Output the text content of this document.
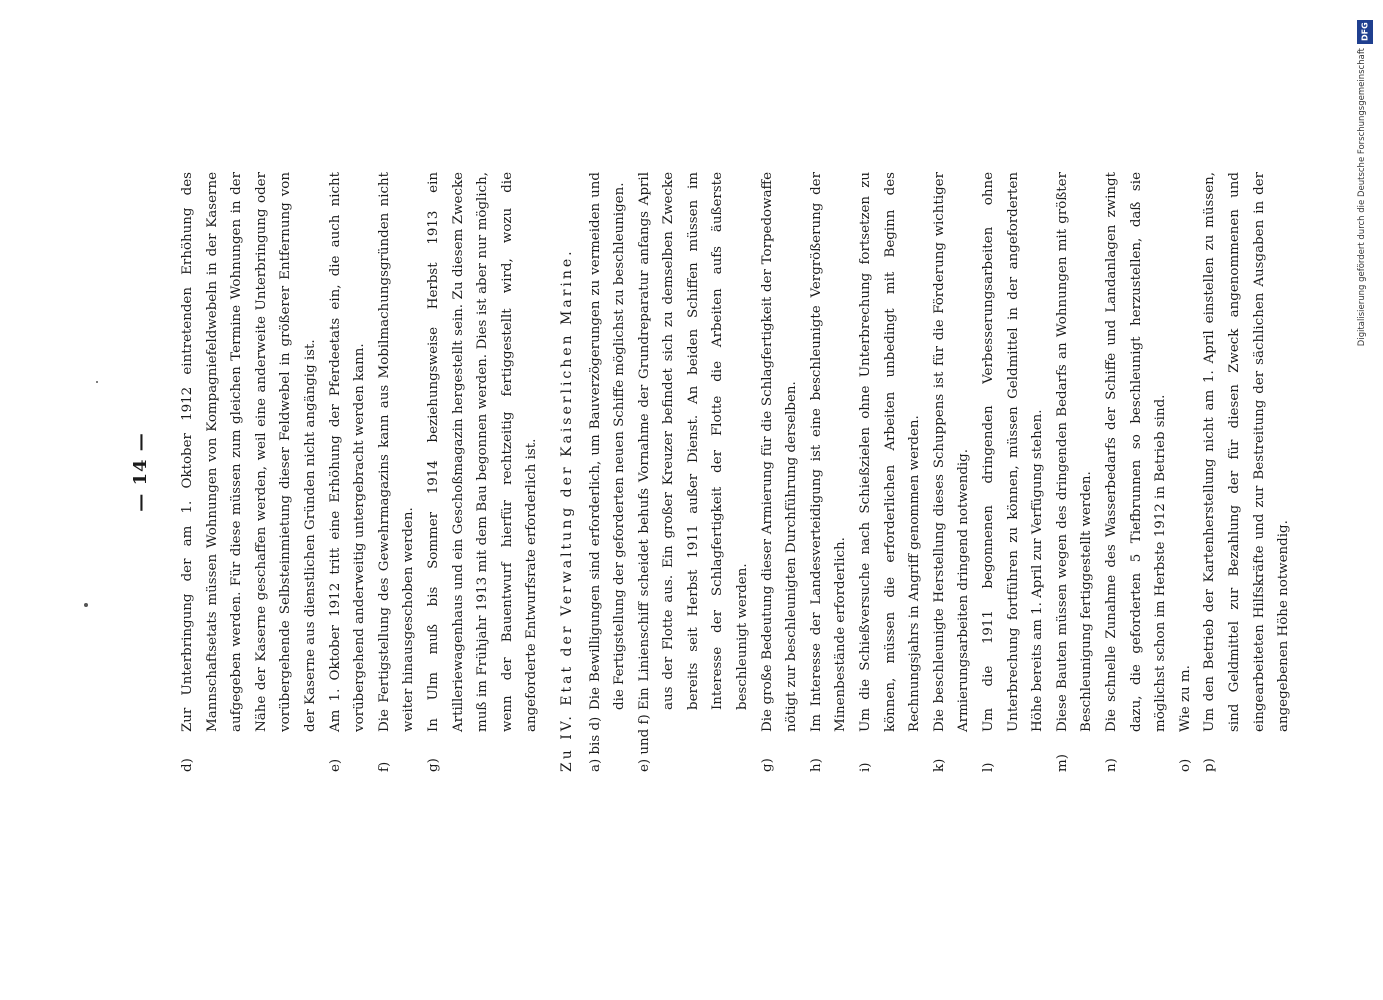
— 14 —
d)
Zur Unterbringung der am 1. Oktober 1912 eintretenden Erhöhung des Mannschaftsetats müssen Wohnungen von Kompagniefeldwebeln in der Kaserne aufgegeben werden. Für diese müssen zum gleichen Termine Wohnungen in der Nähe der Kaserne geschaffen werden, weil eine anderweite Unterbringung oder vorübergehende Selbsteinmietung dieser Feldwebel in größerer Entfernung von der Kaserne aus dienstlichen Gründen nicht angängig ist.
e)
Am 1. Oktober 1912 tritt eine Erhöhung der Pferdeetats ein, die auch nicht vorübergehend anderweitig untergebracht werden kann.
f)
Die Fertigstellung des Gewehrmagazins kann aus Mobilmachungsgründen nicht weiter hinausgeschoben werden.
g)
In Ulm muß bis Sommer 1914 beziehungsweise Herbst 1913 ein Artilleriewagenhaus und ein Geschoßmagazin hergestellt sein. Zu diesem Zwecke muß im Frühjahr 1913 mit dem Bau begonnen werden. Dies ist aber nur möglich, wenn der Bauentwurf hierfür rechtzeitig fertiggestellt wird, wozu die angeforderte Entwurfsrate erforderlich ist.	Zu IV. Etat der Verwaltung der Kaiserlichen Marine. a) bis d)
Die Bewilligungen sind erforderlich, um Bauverzögerungen zu vermeiden und die Fertigstellung der geforderten neuen Schiffe möglichst zu beschleunigen.
e) und f)
Ein Linienschiff scheidet behufs Vornahme der Grundreparatur anfangs April aus der Flotte aus. Ein großer Kreuzer befindet sich zu demselben Zwecke bereits seit Herbst 1911 außer Dienst. An beiden Schiffen müssen im Interesse der Schlagfertigkeit der Flotte die Arbeiten aufs äußerste beschleunigt werden.
g)
Die große Bedeutung dieser Armierung für die Schlagfertigkeit der Torpedowaffe nötigt zur beschleunigten Durchführung derselben.
h)
Im Interesse der Landesverteidigung ist eine beschleunigte Vergrößerung der Minenbestände erforderlich.
i)
Um die Schießversuche nach Schießzielen ohne Unterbrechung fortsetzen zu können, müssen die erforderlichen Arbeiten unbedingt mit Beginn des Rechnungsjahrs in Angriff genommen werden.
k)
Die beschleunigte Herstellung dieses Schuppens ist für die Förderung wichtiger Armierungsarbeiten dringend notwendig.
l)
Um die 1911 begonnenen dringenden Verbesserungsarbeiten ohne Unterbrechung fortführen zu können, müssen Geldmittel in der angeforderten Höhe bereits am 1. April zur Verfügung stehen.
m)
Diese Bauten müssen wegen des dringenden Bedarfs an Wohnungen mit größter Beschleunigung fertiggestellt werden.
n)
Die schnelle Zunahme des Wasserbedarfs der Schiffe und Landanlagen zwingt dazu, die geforderten 5 Tiefbrunnen so beschleunigt herzustellen, daß sie möglichst schon im Herbste 1912 in Betrieb sind.
o)
Wie zu m.
p)
Um den Betrieb der Kartenherstellung nicht am 1. April einstellen zu müssen, sind Geldmittel zur Bezahlung der für diesen Zweck angenommenen und eingearbeiteten Hilfskräfte und zur Bestreitung der sächlichen Ausgaben in der angegebenen Höhe notwendig.
DFG
Digitalisierung gefördert durch die Deutsche Forschungsgemeinschaft
